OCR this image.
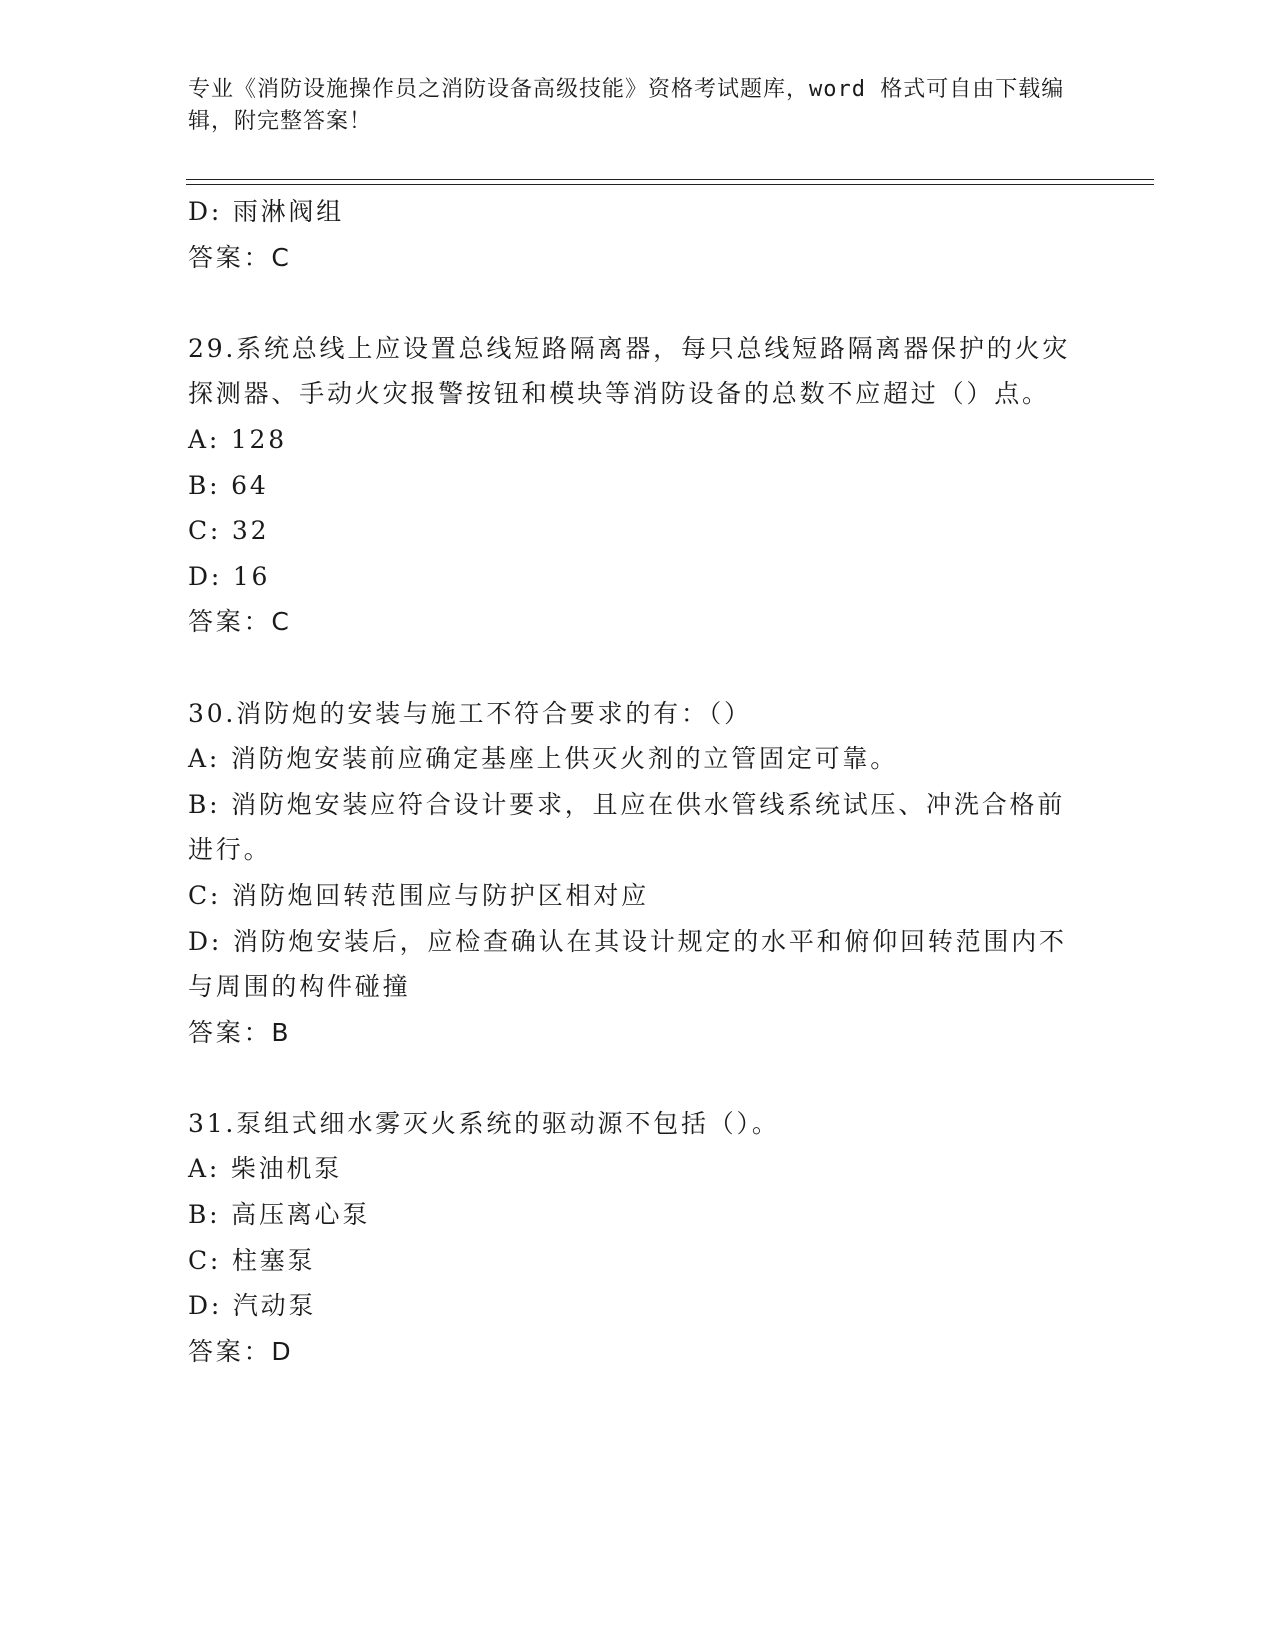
专业《消防设施操作员之消防设备高级技能》资格考试题库，word 格式可自由下载编辑，附完整答案！
D: 雨淋阀组
答案：C
29.系统总线上应设置总线短路隔离器，每只总线短路隔离器保护的火灾探测器、手动火灾报警按钮和模块等消防设备的总数不应超过（）点。
A: 128
B: 64
C: 32
D: 16
答案：C
30.消防炮的安装与施工不符合要求的有：（）
A: 消防炮安装前应确定基座上供灭火剂的立管固定可靠。
B: 消防炮安装应符合设计要求，且应在供水管线系统试压、冲洗合格前进行。
C: 消防炮回转范围应与防护区相对应
D: 消防炮安装后，应检查确认在其设计规定的水平和俯仰回转范围内不与周围的构件碰撞
答案：B
31.泵组式细水雾灭火系统的驱动源不包括（）。
A: 柴油机泵
B: 高压离心泵
C: 柱塞泵
D: 汽动泵
答案：D
